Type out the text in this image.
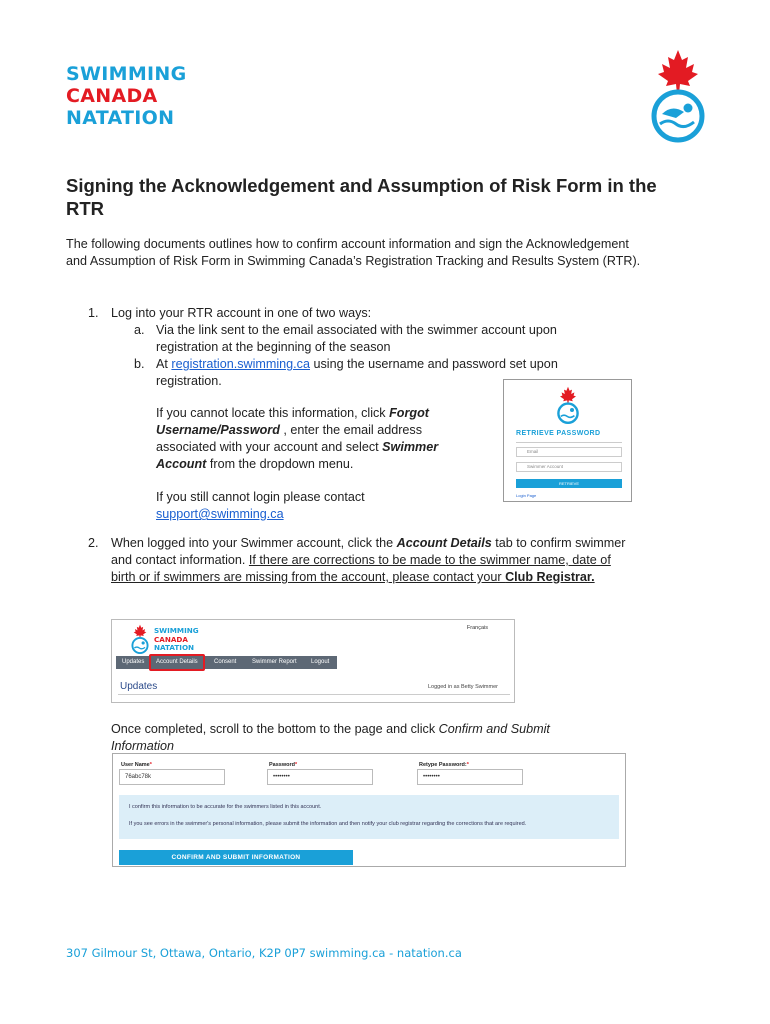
SWIMMING
CANADA
NATATION
Signing the Acknowledgement and Assumption of Risk Form in the RTR

The following documents outlines how to confirm account information and sign the Acknowledgement and Assumption of Risk Form in Swimming Canada’s Registration Tracking and Results System (RTR).

1. Log into your RTR account in one of two ways:
a. Via the link sent to the email associated with the swimmer account upon registration at the beginning of the season
b. At registration.swimming.ca using the username and password set upon registration.
If you cannot locate this information, click Forgot Username/Password , enter the email address associated with your account and select Swimmer Account from the dropdown menu.
If you still cannot login please contact
support@swimming.ca
RETRIEVE PASSWORD
Email
Swimmer Account
RETRIEVE
Login Page
2. When logged into your Swimmer account, click the Account Details tab to confirm swimmer and contact information. If there are corrections to be made to the swimmer name, date of birth or if swimmers are missing from the account, please contact your Club Registrar.
SWIMMING
CANADA
NATATION
Français
Updates Account Details	Consent	Swimmer Report Logout
Updates	Logged in as Betty Swimmer
Once completed, scroll to the bottom to the page and click Confirm and Submit Information
User Name*
76abc78k
Password*
••••••••
Retype Password:*
••••••••
I confirm this information to be accurate for the swimmers listed in this account.
If you see errors in the swimmer's personal information, please submit the information and then notify your club registrar regarding the corrections that are required.
CONFIRM AND SUBMIT INFORMATION
307 Gilmour St, Ottawa, Ontario, K2P 0P7 swimming.ca - natation.ca
